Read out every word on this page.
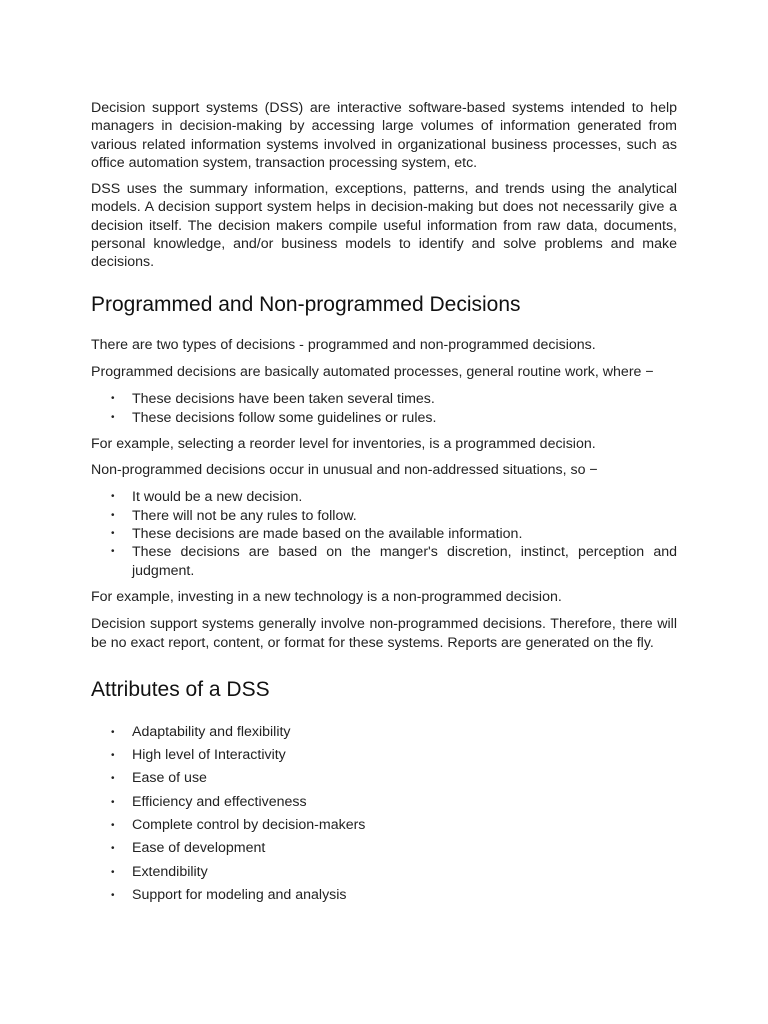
Decision support systems (DSS) are interactive software-based systems intended to help managers in decision-making by accessing large volumes of information generated from various related information systems involved in organizational business processes, such as office automation system, transaction processing system, etc.

DSS uses the summary information, exceptions, patterns, and trends using the analytical models. A decision support system helps in decision-making but does not necessarily give a decision itself. The decision makers compile useful information from raw data, documents, personal knowledge, and/or business models to identify and solve problems and make decisions.

Programmed and Non-programmed Decisions

There are two types of decisions - programmed and non-programmed decisions.

Programmed decisions are basically automated processes, general routine work, where −

• These decisions have been taken several times.
• These decisions follow some guidelines or rules.

For example, selecting a reorder level for inventories, is a programmed decision.

Non-programmed decisions occur in unusual and non-addressed situations, so −

• It would be a new decision.
• There will not be any rules to follow.
• These decisions are made based on the available information.
• These decisions are based on the manger's discretion, instinct, perception and judgment.

For example, investing in a new technology is a non-programmed decision.

Decision support systems generally involve non-programmed decisions. Therefore, there will be no exact report, content, or format for these systems. Reports are generated on the fly.

Attributes of a DSS
• Adaptability and flexibility
• High level of Interactivity
• Ease of use
• Efficiency and effectiveness
• Complete control by decision-makers
• Ease of development
• Extendibility
• Support for modeling and analysis
